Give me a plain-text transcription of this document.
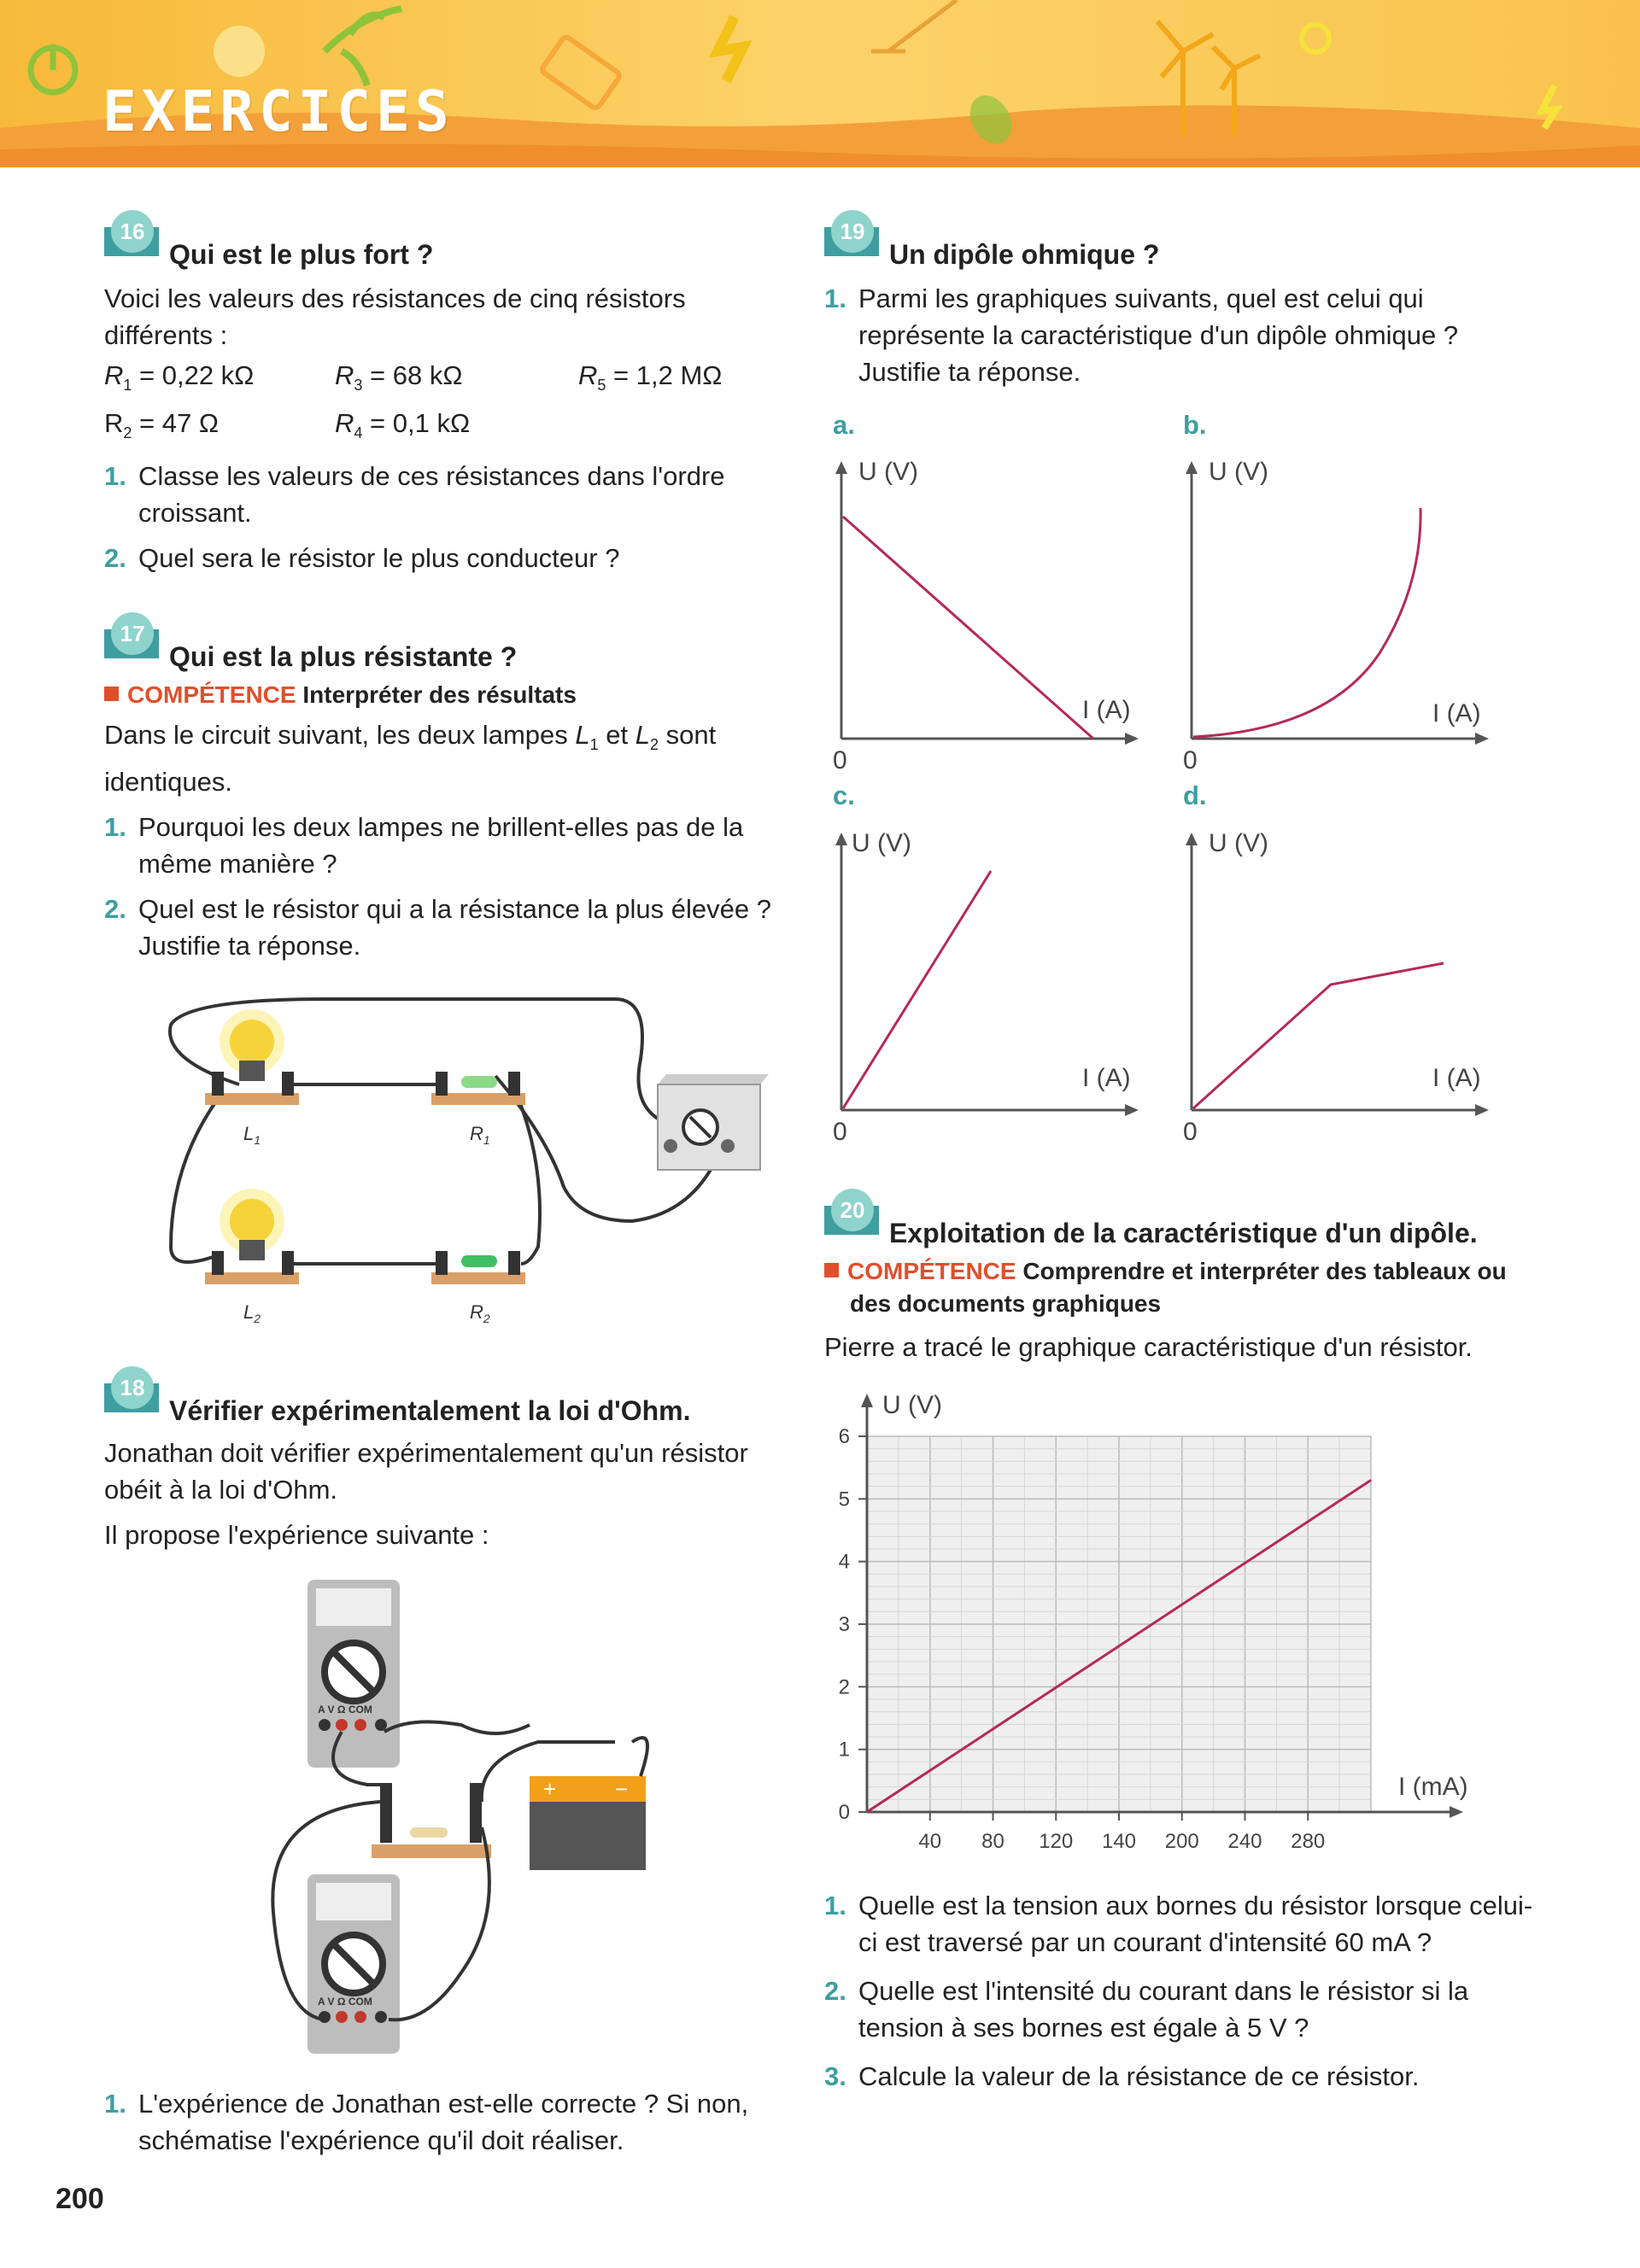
EXERCICES
16
Qui est le plus fort ?

Voici les valeurs des résistances de cinq résistors différents :

$R_1 = 0,22$ kΩ	$R_3 = 68$ kΩ	$R_5 = 1,2$ MΩ
$R_2 = 47$ Ω	$R_4 = 0,1$ kΩ
1. Classe les valeurs de ces résistances dans l'ordre croissant.
2. Quel sera le résistor le plus conducteur ?
17
Qui est la plus résistante ?
COMPÉTENCE Interpréter des résultats

Dans le circuit suivant, les deux lampes $L_1$ et $L_2$ sont identiques.

1. Pourquoi les deux lampes ne brillent-elles pas de la même manière ?
2. Quel est le résistor qui a la résistance la plus élevée ? Justifie ta réponse.
$L_1$	$R_1$
$L_2$	$R_2$
18
Vérifier expérimentalement la loi d'Ohm.

Jonathan doit vérifier expérimentalement qu'un résistor obéit à la loi d'Ohm.

Il propose l'expérience suivante :

A V Ω COM
A V Ω COM
+	−
1. L'expérience de Jonathan est-elle correcte ? Si non, schématise l'expérience qu'il doit réaliser.
19
Un dipôle ohmique ?
1. Parmi les graphiques suivants, quel est celui qui représente la caractéristique d'un dipôle ohmique ? Justifie ta réponse.
a.	b.
c.	d.
U (V)
I (A)
0
U (V)
I (A)
0
U (V)
I (A)
0
U (V)
I (A)
0
20
Exploitation de la caractéristique d'un dipôle.
COMPÉTENCE Comprendre et interpréter des tableaux ou des documents graphiques

Pierre a tracé le graphique caractéristique d'un résistor.

40 80 120 140 200 240 280
0
1
2
3
4
5
6
U (V)
I (mA)
1. Quelle est la tension aux bornes du résistor lorsque celui-ci est traversé par un courant d'intensité 60 mA ?
2. Quelle est l'intensité du courant dans le résistor si la tension à ses bornes est égale à 5 V ?
3. Calcule la valeur de la résistance de ce résistor.
200
